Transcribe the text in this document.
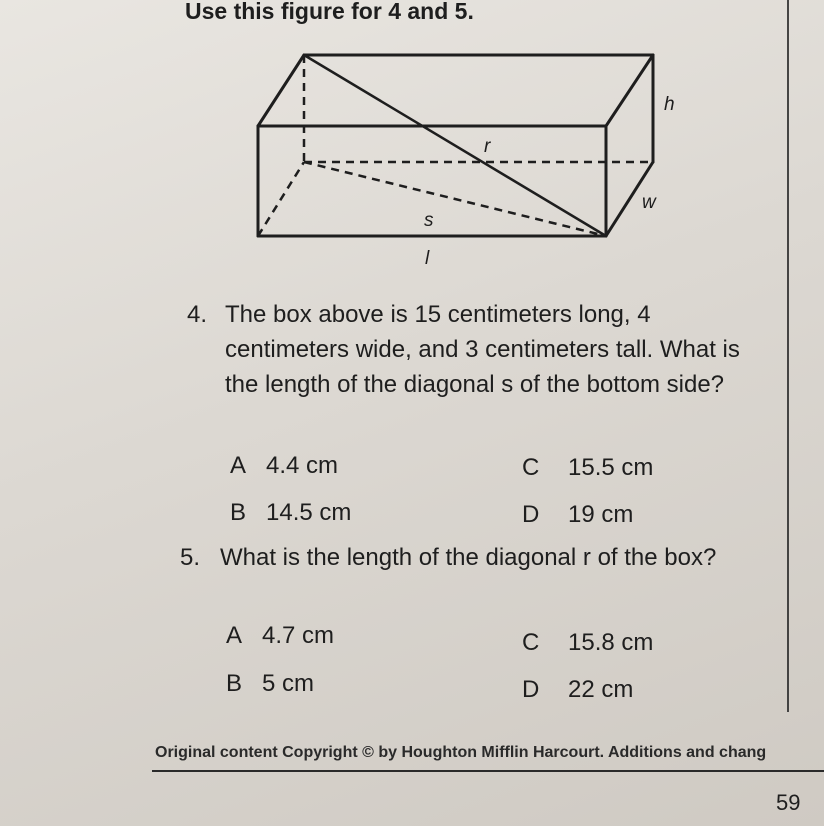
Use this figure for 4 and 5.
h
r
w
s
l
4. The box above is 15 centimeters long, 4 centimeters wide, and 3 centimeters tall. What is the length of the diagonal s of the bottom side?
A 4.4 cm
B 14.5 cm
C 15.5 cm
D 19 cm
5. What is the length of the diagonal r of the box?
A 4.7 cm
B 5 cm
C 15.8 cm
D 22 cm
Original content Copyright © by Houghton Mifflin Harcourt. Additions and chang
59
